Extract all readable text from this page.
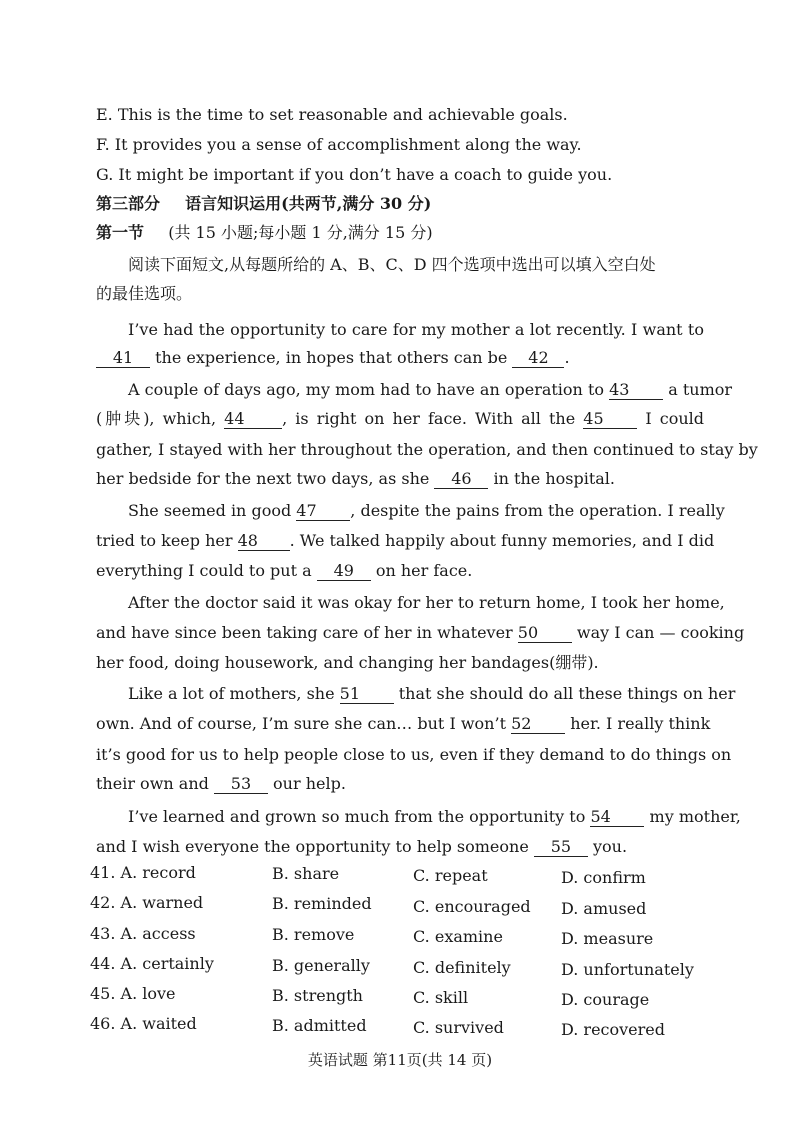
E. This is the time to set reasonable and achievable goals.
F. It provides you a sense of accomplishment along the way.
G. It might be important if you don’t have a coach to guide you.
第三部分 语言知识运用(共两节,满分 30 分)
第一节 (共 15 小题;每小题 1 分,满分 15 分)
阅读下面短文,从每题所给的 A、B、C、D 四个选项中选出可以填入空白处
的最佳选项。
I’ve had the opportunity to care for my mother a lot recently. I want to
41 the experience, in hopes that others can be 42 .
A couple of days ago, my mom had to have an operation to 43 a tumor
(肿块), which, 44 , is right on her face. With all the 45	I could
gather, I stayed with her throughout the operation, and then continued to stay by
her bedside for the next two days, as she 46 in the hospital.
She seemed in good 47 , despite the pains from the operation. I really
tried to keep her 48 . We talked happily about funny memories, and I did
everything I could to put a 49 on her face.
After the doctor said it was okay for her to return home, I took her home,
and have since been taking care of her in whatever 50 way I can — cooking
her food, doing housework, and changing her bandages(绷带).
Like a lot of mothers, she 51 that she should do all these things on her
own. And of course, I’m sure she can… but I won’t 52 her. I really think
it’s good for us to help people close to us, even if they demand to do things on
their own and 53 our help.
I’ve learned and grown so much from the opportunity to 54 my mother,
and I wish everyone the opportunity to help someone 55 you.
41. A. record	B. share	C. repeat	D. confirm
42. A. warned	B. reminded	C. encouraged D. amused
43. A. access	B. remove	C. examine	D. measure
44. A. certainly	B. generally	C. definitely	D. unfortunately
45. A. love	B. strength	C. skill	D. courage
46. A. waited	B. admitted	C. survived	D. recovered
英语试题 第11页(共 14 页)
